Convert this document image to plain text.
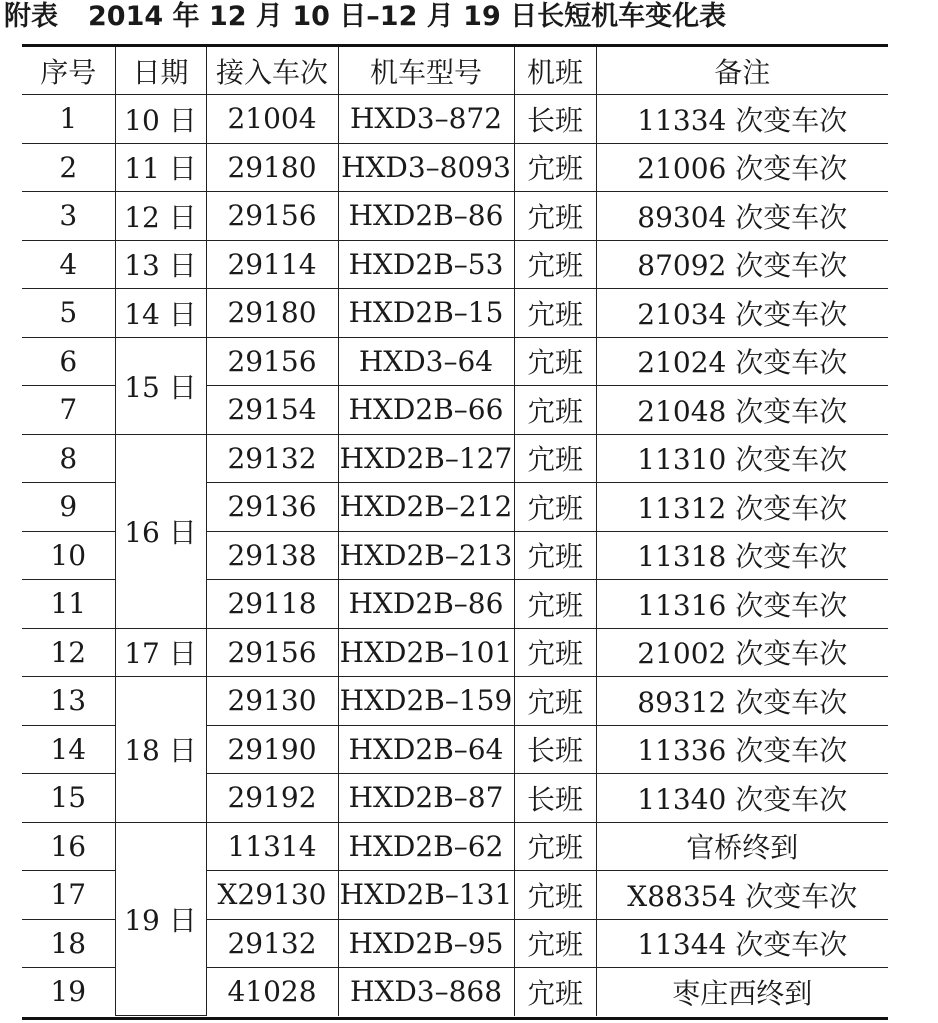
附表 2014 年 12 月 10 日–12 月 19 日长短机车变化表
序号	日期	接入车次	机车型号	机班	备注
1	10 日	21004	HXD3–872	长班	11334 次变车次
2	11 日	29180	HXD3–8093	宂班	21006 次变车次
3	12 日	29156	HXD2B–86	宂班	89304 次变车次
4	13 日	29114	HXD2B–53	宂班	87092 次变车次
5	14 日	29180	HXD2B–15	宂班	21034 次变车次
6	15 日	29156	HXD3–64	宂班	21024 次变车次
7		29154	HXD2B–66	宂班	21048 次变车次
8	16 日	29132	HXD2B–127	宂班	11310 次变车次
9		29136	HXD2B–212	宂班	11312 次变车次
10		29138	HXD2B–213	宂班	11318 次变车次
11		29118	HXD2B–86	宂班	11316 次变车次
12	17 日	29156	HXD2B–101	宂班	21002 次变车次
13	18 日	29130	HXD2B–159	宂班	89312 次变车次
14		29190	HXD2B–64	长班	11336 次变车次
15		29192	HXD2B–87	长班	11340 次变车次
16	19 日	11314	HXD2B–62	宂班	官桥终到
17		X29130	HXD2B–131	宂班	X88354 次变车次
18		29132	HXD2B–95	宂班	11344 次变车次
19		41028	HXD3–868	宂班	枣庄西终到
